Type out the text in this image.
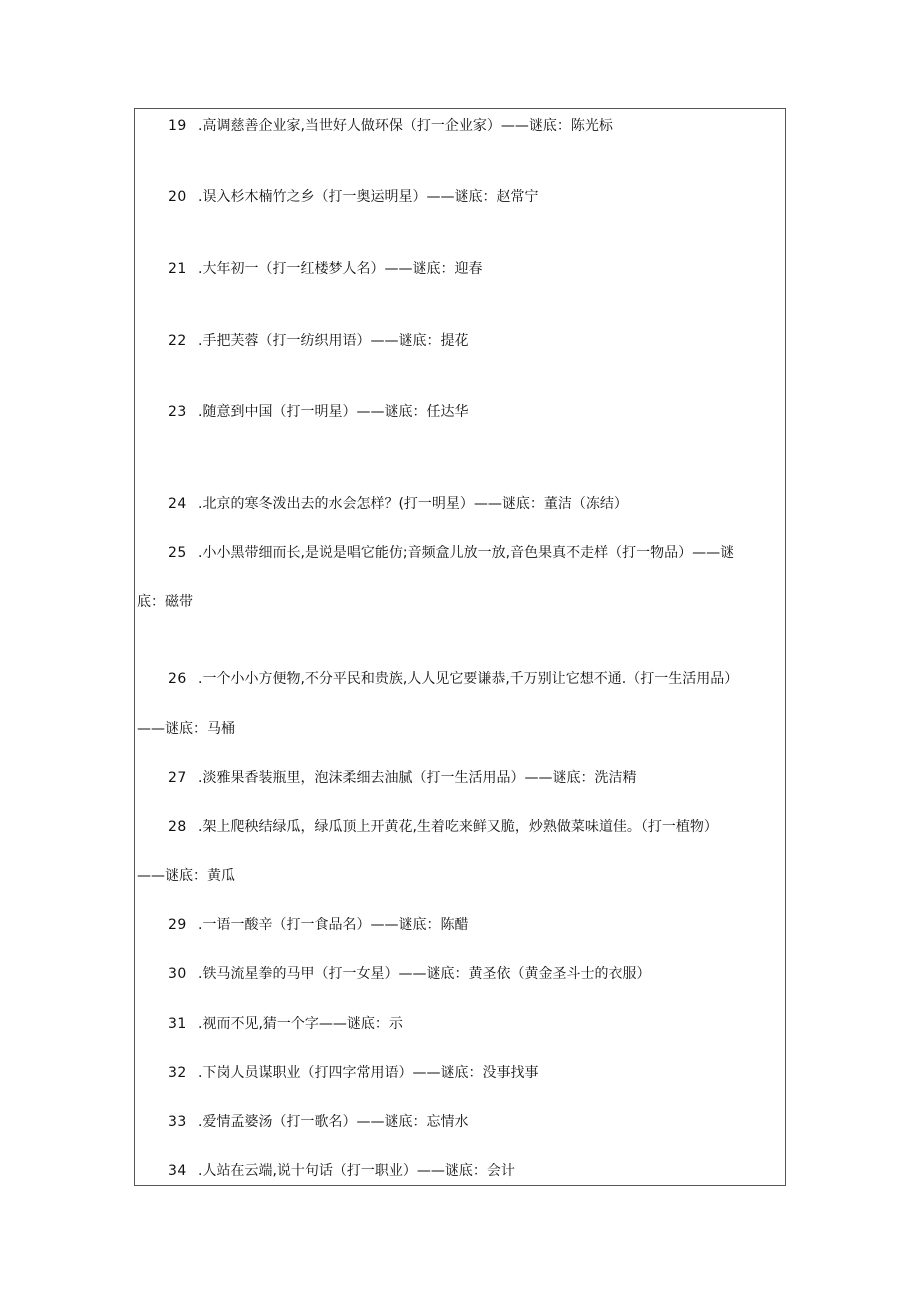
19 .高调慈善企业家,当世好人做环保（打一企业家）——谜底：陈光标
20 .误入杉木楠竹之乡（打一奥运明星）——谜底：赵常宁
21 .大年初一（打一红楼梦人名）——谜底：迎春
22 .手把芙蓉（打一纺织用语）——谜底：提花
23 .随意到中国（打一明星）——谜底：任达华
24 .北京的寒冬泼出去的水会怎样？(打一明星）——谜底：董洁（冻结）
25 .小小黑带细而长,是说是唱它能仿;音频盒儿放一放,音色果真不走样（打一物品）——谜
底：磁带
26 .一个小小方便物,不分平民和贵族,人人见它要谦恭,千万别让它想不通.（打一生活用品）
——谜底：马桶
27 .淡雅果香装瓶里，泡沫柔细去油腻（打一生活用品）——谜底：洗洁精
28 .架上爬秧结绿瓜，绿瓜顶上开黄花,生着吃来鲜又脆，炒熟做菜味道佳。（打一植物）
——谜底：黄瓜
29 .一语一酸辛（打一食品名）——谜底：陈醋
30 .铁马流星拳的马甲（打一女星）——谜底：黄圣依（黄金圣斗士的衣服）
31 .视而不见,猜一个字——谜底：示
32 .下岗人员谋职业（打四字常用语）——谜底：没事找事
33 .爱情孟婆汤（打一歌名）——谜底：忘情水
34 .人站在云端,说十句话（打一职业）——谜底：会计
